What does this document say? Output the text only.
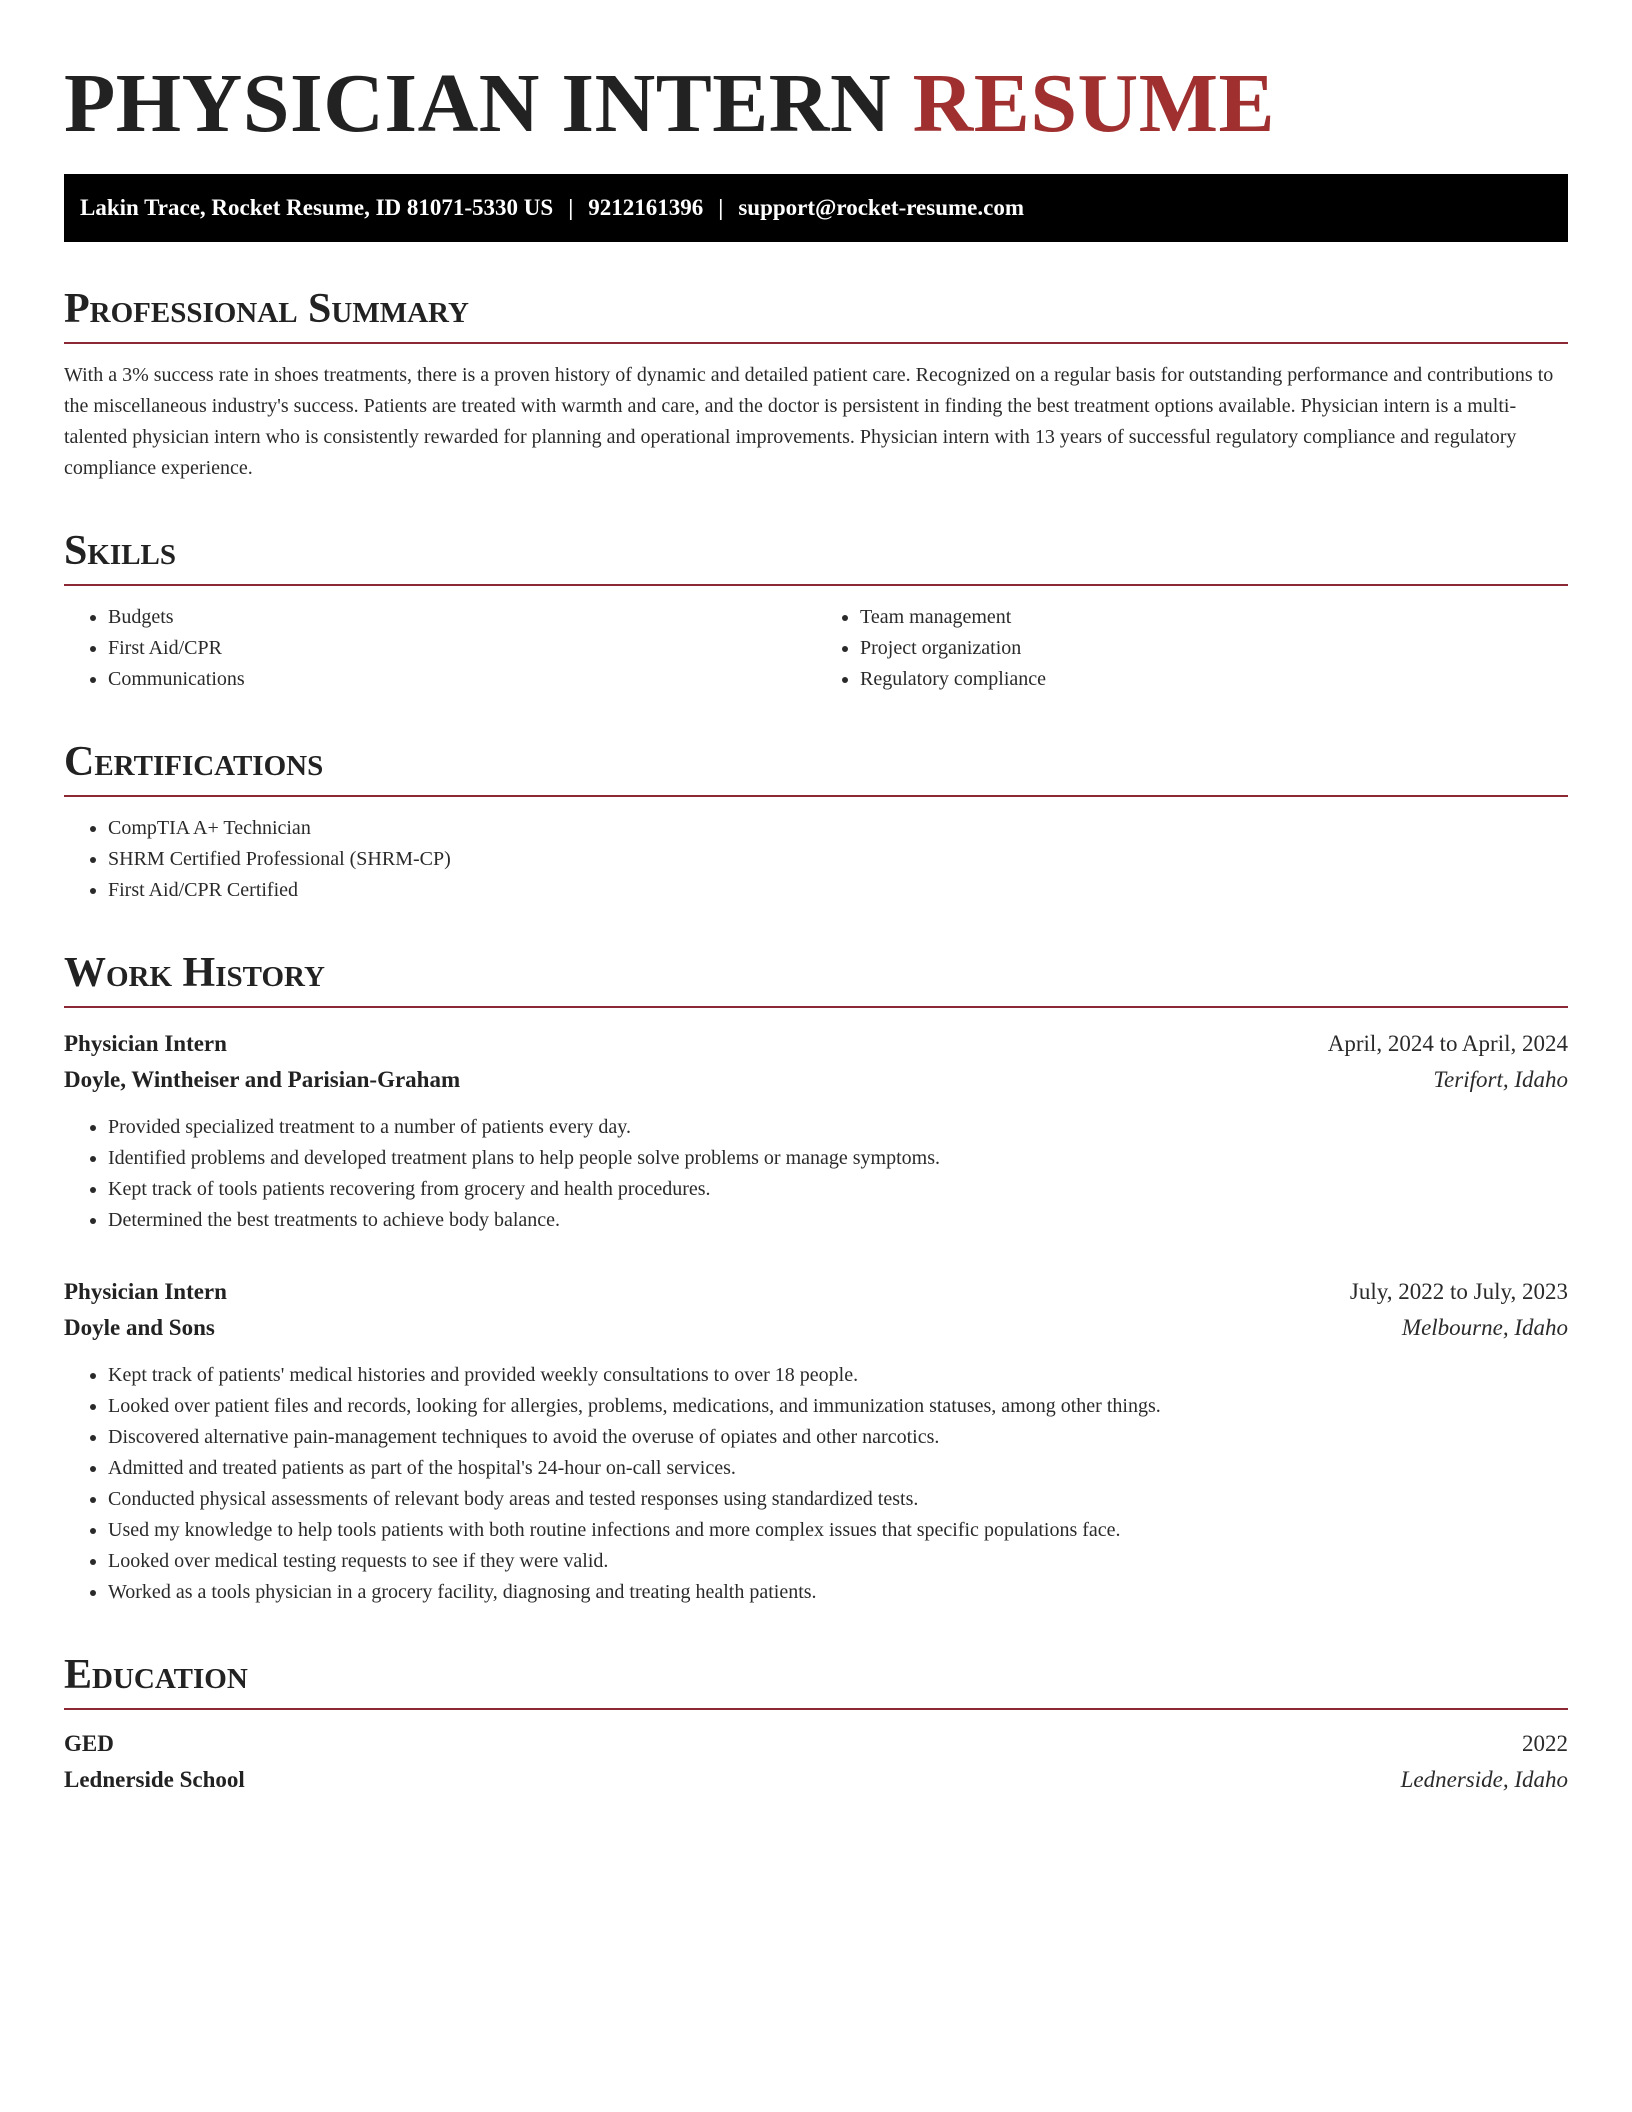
PHYSICIAN INTERN RESUME
Lakin Trace, Rocket Resume, ID 81071-5330 US | 9212161396 | support@rocket-resume.com
Professional Summary

With a 3% success rate in shoes treatments, there is a proven history of dynamic and detailed patient care. Recognized on a regular basis for outstanding performance and contributions to the miscellaneous industry's success. Patients are treated with warmth and care, and the doctor is persistent in finding the best treatment options available. Physician intern is a multi-talented physician intern who is consistently rewarded for planning and operational improvements. Physician intern with 13 years of successful regulatory compliance and regulatory compliance experience.

Skills
• Budgets
• First Aid/CPR
• Communications
• Team management
• Project organization
• Regulatory compliance
Certifications
• CompTIA A+ Technician
• SHRM Certified Professional (SHRM-CP)
• First Aid/CPR Certified
Work History
Physician Intern	April, 2024 to April, 2024
Doyle, Wintheiser and Parisian-Graham	Terifort, Idaho
• Provided specialized treatment to a number of patients every day.
• Identified problems and developed treatment plans to help people solve problems or manage symptoms.
• Kept track of tools patients recovering from grocery and health procedures.
• Determined the best treatments to achieve body balance.
Physician Intern	July, 2022 to July, 2023
Doyle and Sons	Melbourne, Idaho
• Kept track of patients' medical histories and provided weekly consultations to over 18 people.
• Looked over patient files and records, looking for allergies, problems, medications, and immunization statuses, among other things.
• Discovered alternative pain-management techniques to avoid the overuse of opiates and other narcotics.
• Admitted and treated patients as part of the hospital's 24-hour on-call services.
• Conducted physical assessments of relevant body areas and tested responses using standardized tests.
• Used my knowledge to help tools patients with both routine infections and more complex issues that specific populations face.
• Looked over medical testing requests to see if they were valid.
• Worked as a tools physician in a grocery facility, diagnosing and treating health patients.
Education
GED	2022
Lednerside School	Lednerside, Idaho
